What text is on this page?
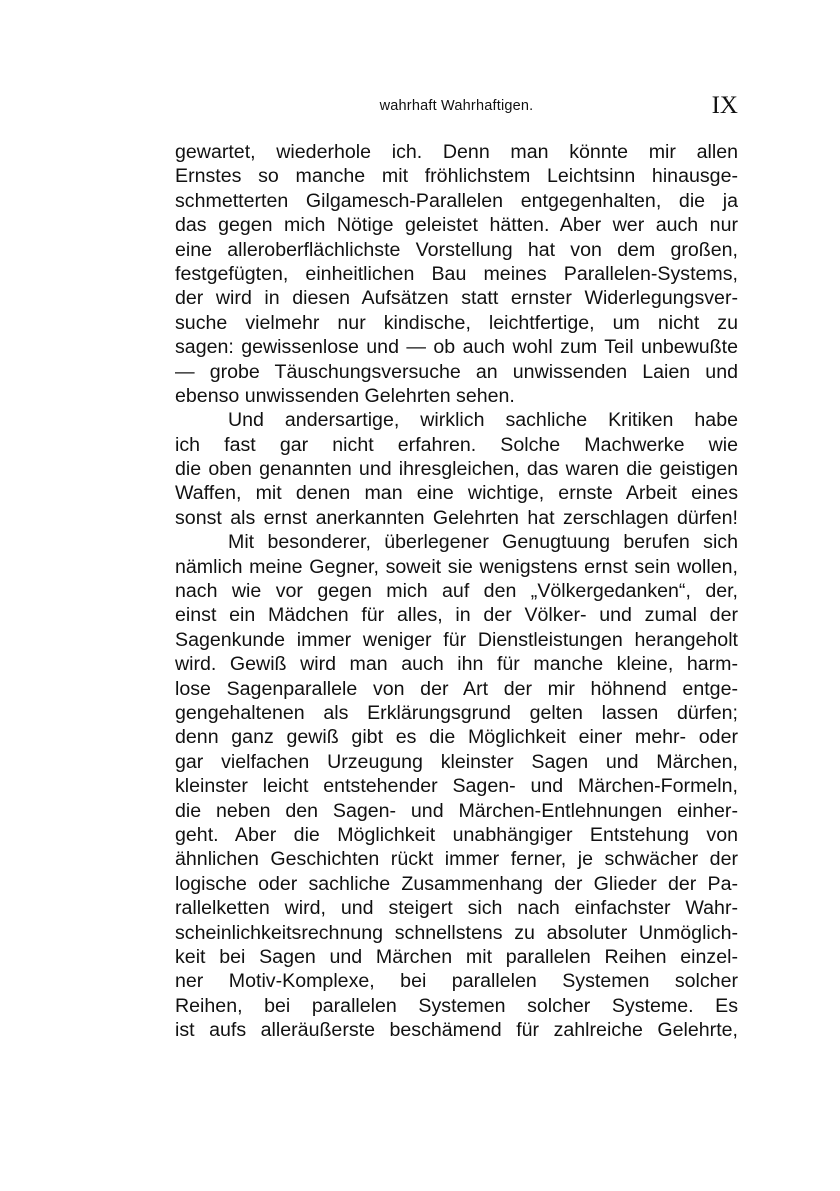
wahrhaft Wahrhaftigen.	IX
gewartet, wiederhole ich. Denn man könnte mir allen
Ernstes so manche mit fröhlichstem Leichtsinn hinausge-
schmetterten Gilgamesch-Parallelen entgegenhalten, die ja
das gegen mich Nötige geleistet hätten. Aber wer auch nur
eine alleroberflächlichste Vorstellung hat von dem großen,
festgefügten, einheitlichen Bau meines Parallelen-Systems,
der wird in diesen Aufsätzen statt ernster Widerlegungsver-
suche vielmehr nur kindische, leichtfertige, um nicht zu
sagen: gewissenlose und — ob auch wohl zum Teil unbewußte
— grobe Täuschungsversuche an unwissenden Laien und
ebenso unwissenden Gelehrten sehen.
Und andersartige, wirklich sachliche Kritiken habe
ich fast gar nicht erfahren. Solche Machwerke wie
die oben genannten und ihresgleichen, das waren die geistigen
Waffen, mit denen man eine wichtige, ernste Arbeit eines
sonst als ernst anerkannten Gelehrten hat zerschlagen dürfen!
Mit besonderer, überlegener Genugtuung berufen sich
nämlich meine Gegner, soweit sie wenigstens ernst sein wollen,
nach wie vor gegen mich auf den „Völkergedanken“, der,
einst ein Mädchen für alles, in der Völker- und zumal der
Sagenkunde immer weniger für Dienstleistungen herangeholt
wird. Gewiß wird man auch ihn für manche kleine, harm-
lose Sagenparallele von der Art der mir höhnend entge-
gengehaltenen als Erklärungsgrund gelten lassen dürfen;
denn ganz gewiß gibt es die Möglichkeit einer mehr- oder
gar vielfachen Urzeugung kleinster Sagen und Märchen,
kleinster leicht entstehender Sagen- und Märchen-Formeln,
die neben den Sagen- und Märchen-Entlehnungen einher-
geht. Aber die Möglichkeit unabhängiger Entstehung von
ähnlichen Geschichten rückt immer ferner, je schwächer der
logische oder sachliche Zusammenhang der Glieder der Pa-
rallelketten wird, und steigert sich nach einfachster Wahr-
scheinlichkeitsrechnung schnellstens zu absoluter Unmöglich-
keit bei Sagen und Märchen mit parallelen Reihen einzel-
ner Motiv-Komplexe, bei parallelen Systemen solcher
Reihen, bei parallelen Systemen solcher Systeme. Es
ist aufs alleräußerste beschämend für zahlreiche Gelehrte,
